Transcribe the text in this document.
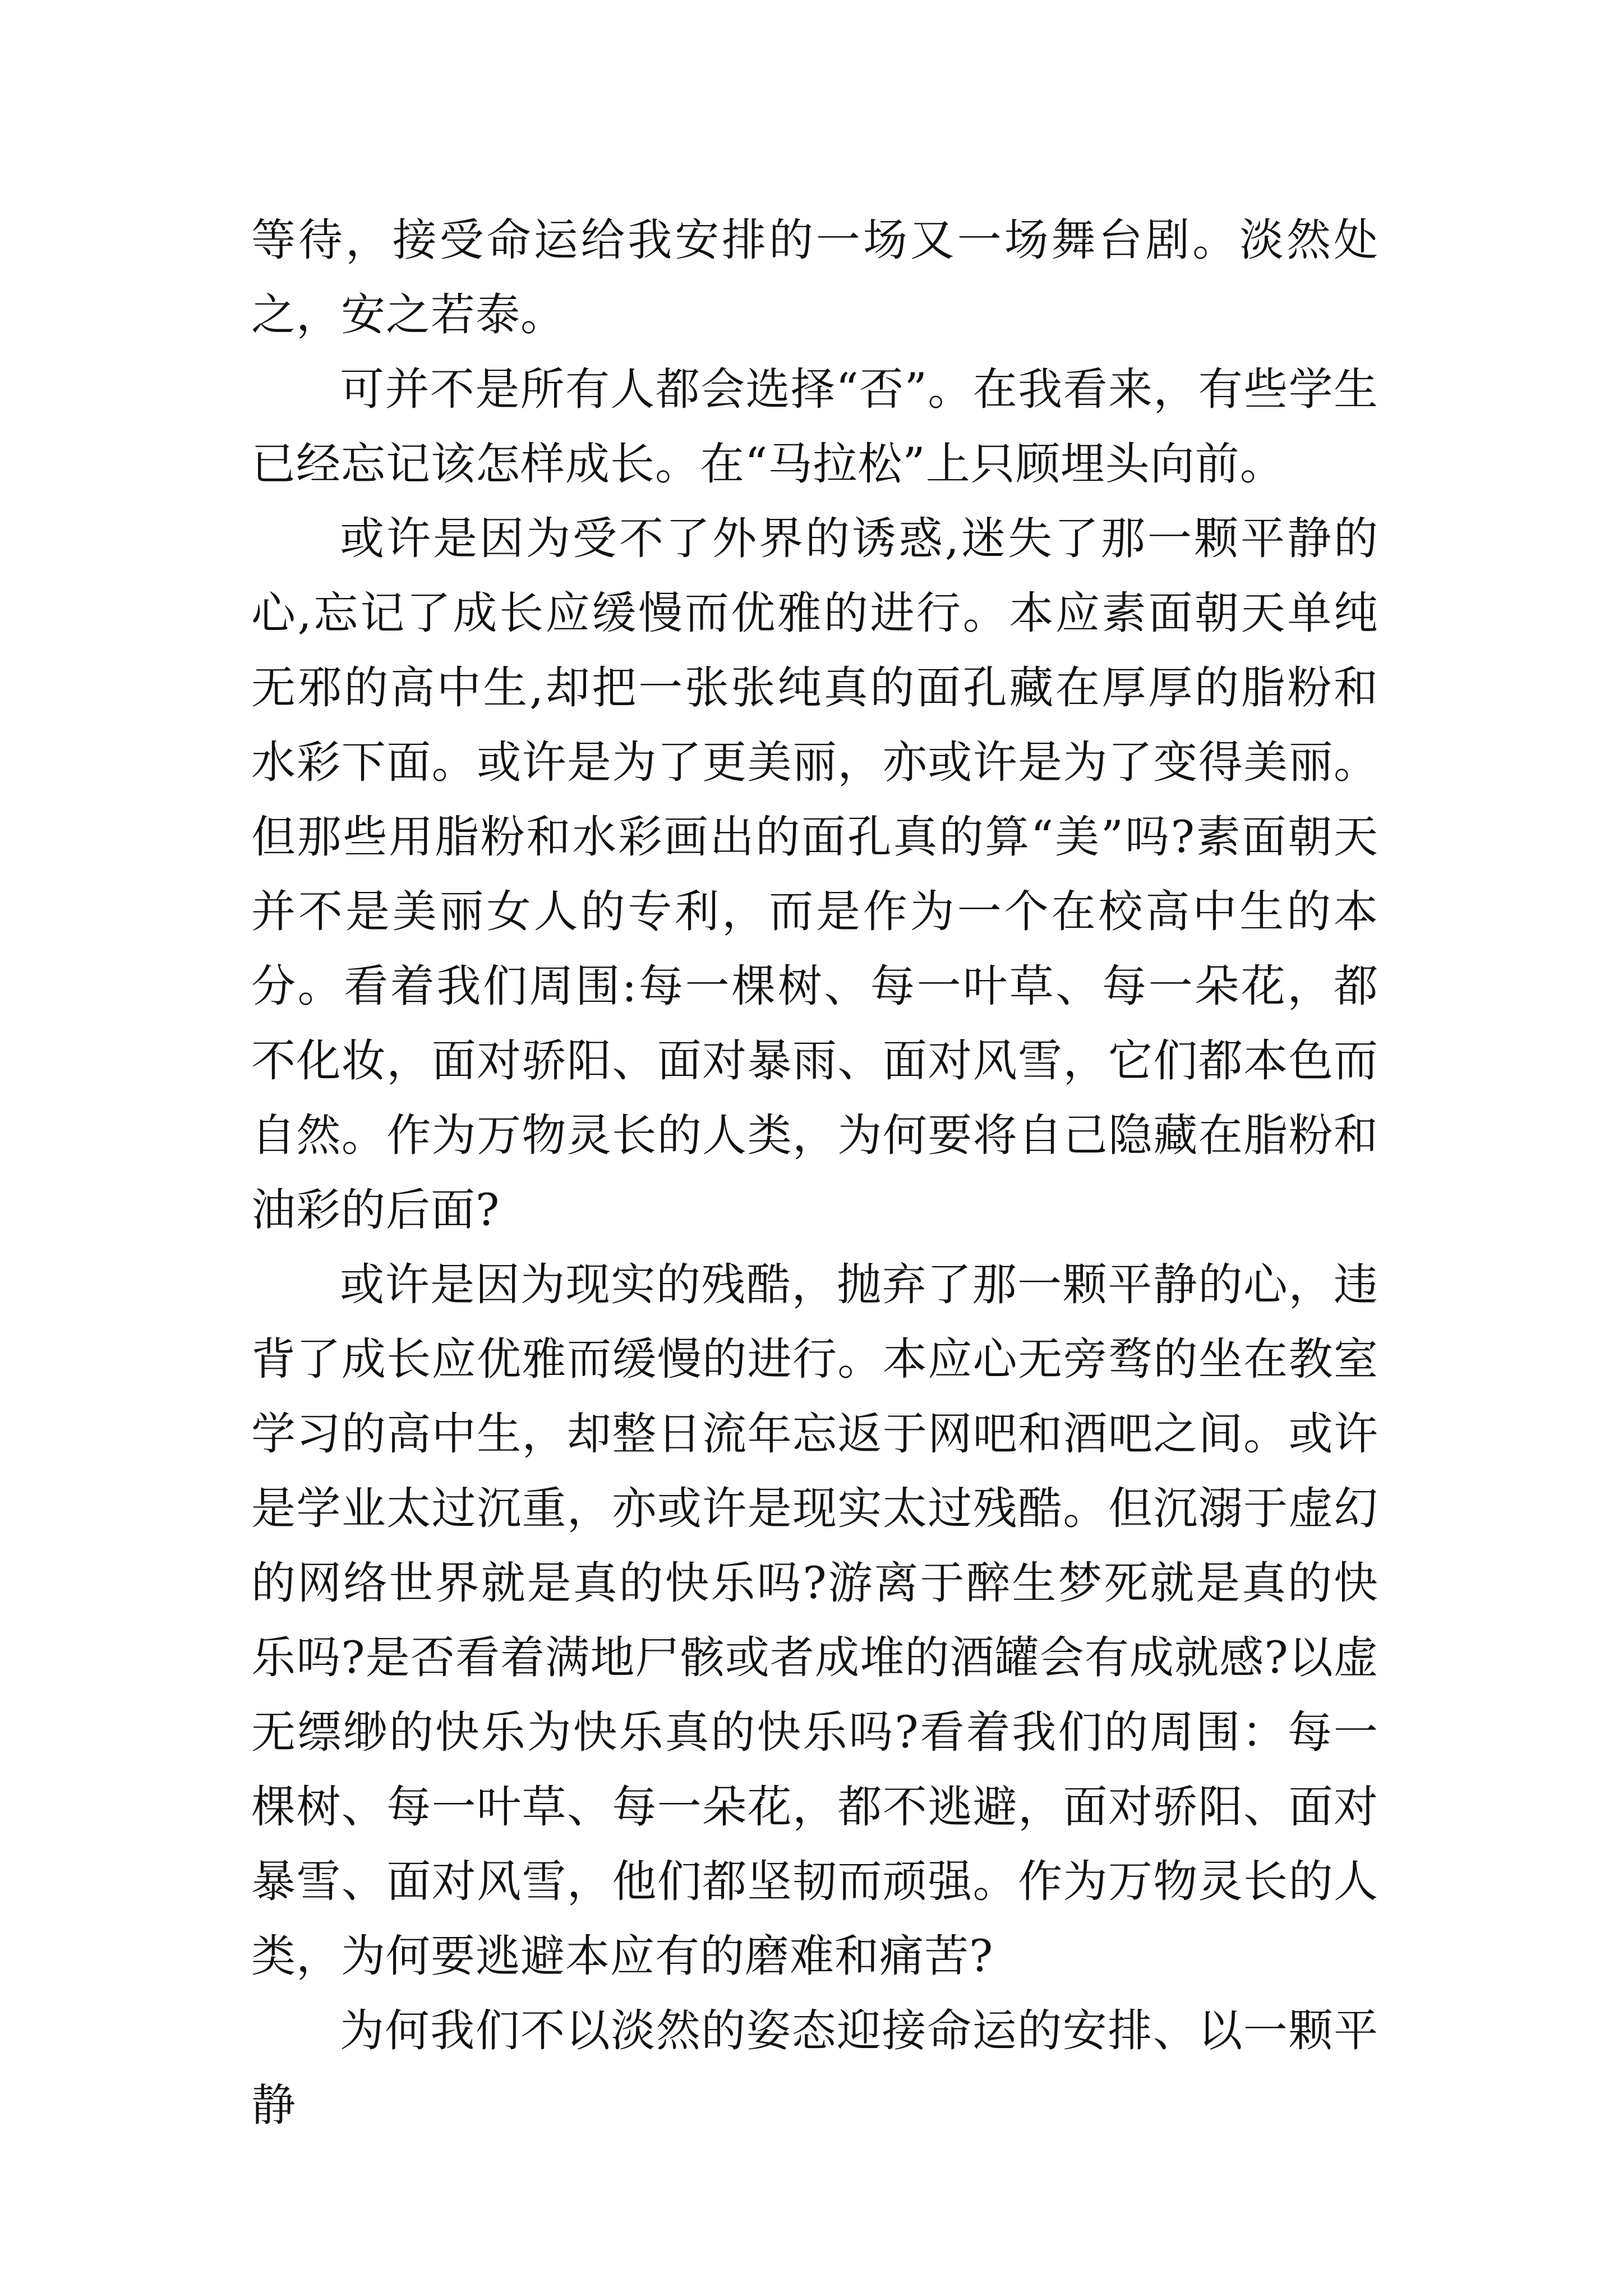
等待，接受命运给我安排的一场又一场舞台剧。淡然处之，安之若泰。

可并不是所有人都会选择“否”。在我看来，有些学生已经忘记该怎样成长。在“马拉松”上只顾埋头向前。

或许是因为受不了外界的诱惑,迷失了那一颗平静的心,忘记了成长应缓慢而优雅的进行。本应素面朝天单纯无邪的高中生,却把一张张纯真的面孔藏在厚厚的脂粉和水彩下面。或许是为了更美丽，亦或许是为了变得美丽。但那些用脂粉和水彩画出的面孔真的算“美”吗?素面朝天并不是美丽女人的专利，而是作为一个在校高中生的本分。看着我们周围:每一棵树、每一叶草、每一朵花，都不化妆，面对骄阳、面对暴雨、面对风雪，它们都本色而自然。作为万物灵长的人类，为何要将自己隐藏在脂粉和油彩的后面?

或许是因为现实的残酷，抛弃了那一颗平静的心，违背了成长应优雅而缓慢的进行。本应心无旁骛的坐在教室学习的高中生，却整日流年忘返于网吧和酒吧之间。或许是学业太过沉重，亦或许是现实太过残酷。但沉溺于虚幻的网络世界就是真的快乐吗?游离于醉生梦死就是真的快乐吗?是否看着满地尸骸或者成堆的酒罐会有成就感?以虚无缥缈的快乐为快乐真的快乐吗?看着我们的周围：每一棵树、每一叶草、每一朵花，都不逃避，面对骄阳、面对暴雪、面对风雪，他们都坚韧而顽强。作为万物灵长的人类，为何要逃避本应有的磨难和痛苦?

为何我们不以淡然的姿态迎接命运的安排、以一颗平静
